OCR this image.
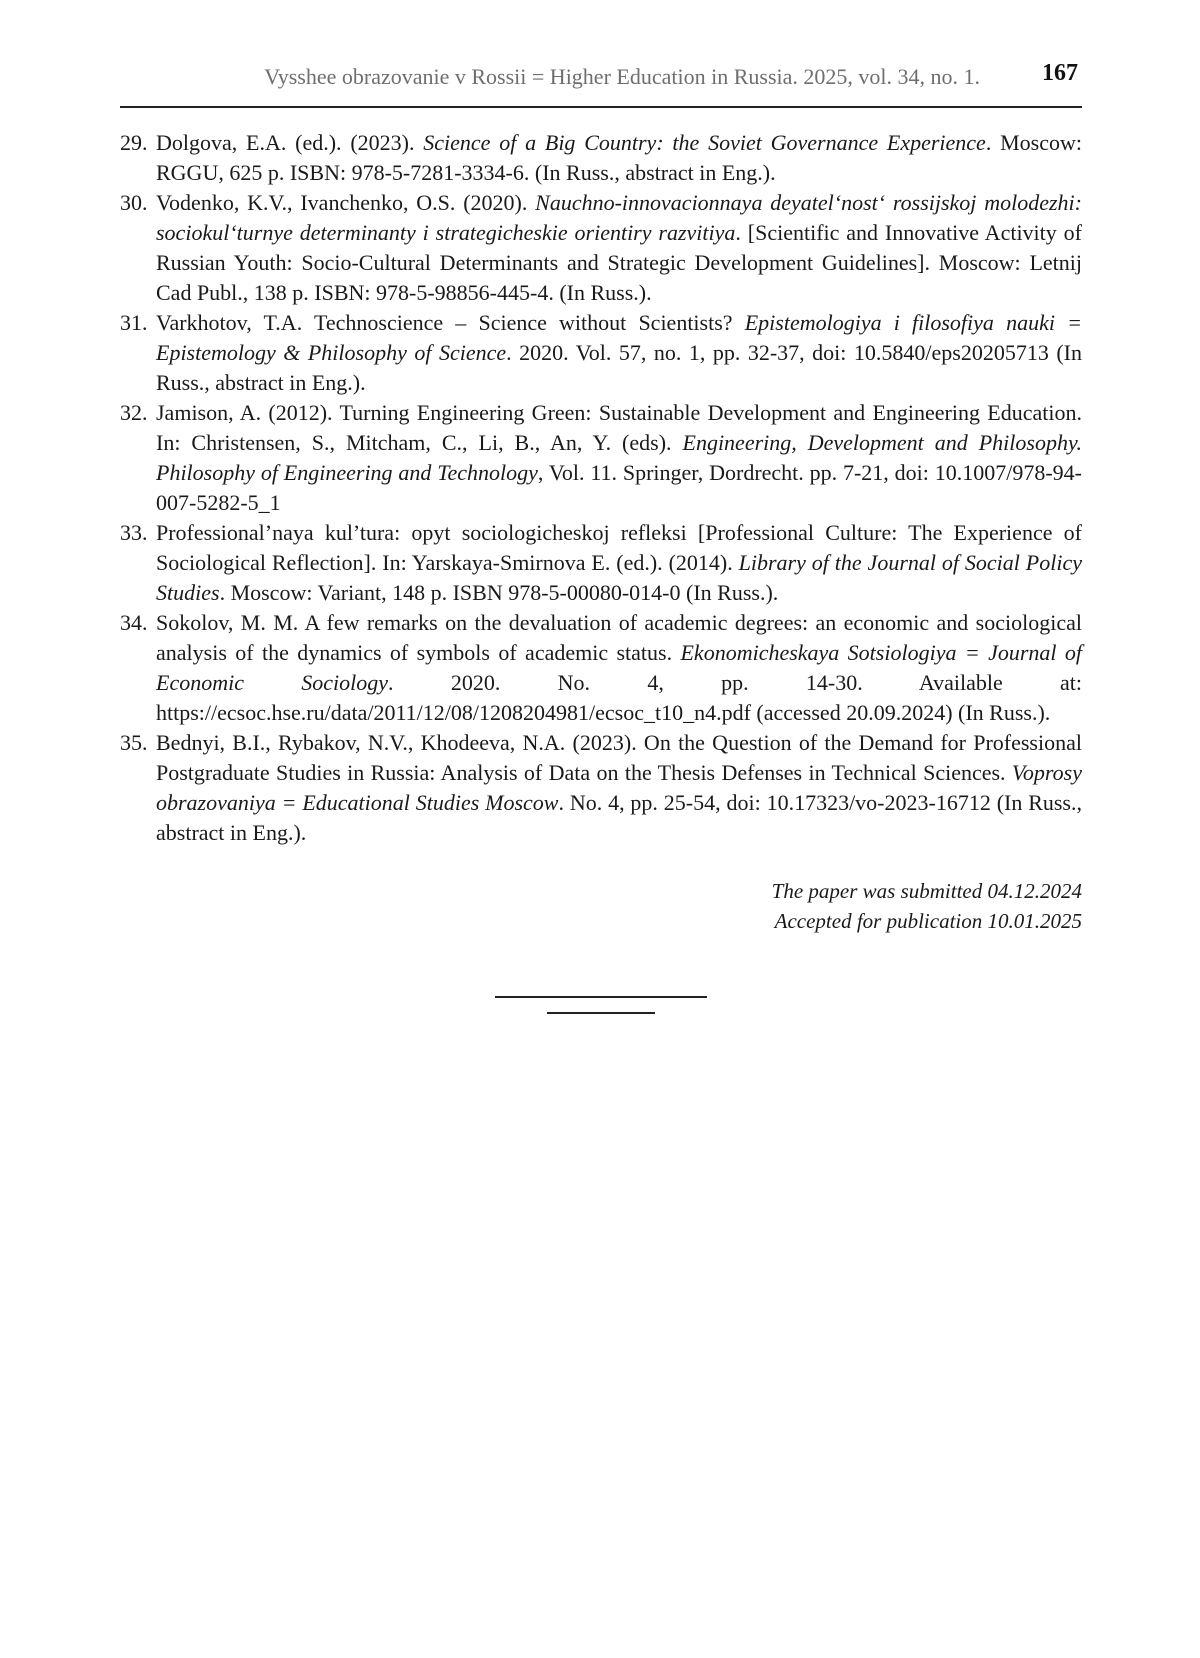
Vysshee obrazovanie v Rossii = Higher Education in Russia. 2025, vol. 34, no. 1.	167
29. Dolgova, E.A. (ed.). (2023). Science of a Big Country: the Soviet Governance Experience. Moscow: RGGU, 625 p. ISBN: 978-5-7281-3334-6. (In Russ., abstract in Eng.).
30. Vodenko, K.V., Ivanchenko, O.S. (2020). Nauchno-innovacionnaya deyatel‘nost‘ rossijskoj molodezhi: sociokul‘turnye determinanty i strategicheskie orientiry razvitiya. [Scientific and Innovative Activity of Russian Youth: Socio-Cultural Determinants and Strategic Development Guidelines]. Moscow: Letnij Cad Publ., 138 p. ISBN: 978-5-98856-445-4. (In Russ.).
31. Varkhotov, T.A. Technoscience – Science without Scientists? Epistemologiya i filosofiya nauki = Epistemology & Philosophy of Science. 2020. Vol. 57, no. 1, pp. 32-37, doi: 10.5840/eps20205713 (In Russ., abstract in Eng.).
32. Jamison, A. (2012). Turning Engineering Green: Sustainable Development and Engineering Education. In: Christensen, S., Mitcham, C., Li, B., An, Y. (eds). Engineering, Development and Philosophy. Philosophy of Engineering and Technology, Vol. 11. Springer, Dordrecht. pp. 7-21, doi: 10.1007/978-94-007-5282-5_1
33. Professional’naya kul’tura: opyt sociologicheskoj refleksi [Professional Culture: The Experience of Sociological Reflection]. In: Yarskaya-Smirnova E. (ed.). (2014). Library of the Journal of Social Policy Studies. Moscow: Variant, 148 p. ISBN 978-5-00080-014-0 (In Russ.).
34. Sokolov, M. M. A few remarks on the devaluation of academic degrees: an economic and sociological analysis of the dynamics of symbols of academic status. Ekonomicheskaya Sotsiologiya = Journal of Economic Sociology. 2020. No. 4, pp. 14-30. Available at: https://ecsoc.hse.ru/data/2011/12/08/1208204981/ecsoc_t10_n4.pdf (accessed 20.09.2024) (In Russ.).
35. Bednyi, B.I., Rybakov, N.V., Khodeeva, N.A. (2023). On the Question of the Demand for Professional Postgraduate Studies in Russia: Analysis of Data on the Thesis Defenses in Technical Sciences. Voprosy obrazovaniya = Educational Studies Moscow. No. 4, pp. 25-54, doi: 10.17323/vo-2023-16712 (In Russ., abstract in Eng.).
The paper was submitted 04.12.2024
Accepted for publication 10.01.2025
